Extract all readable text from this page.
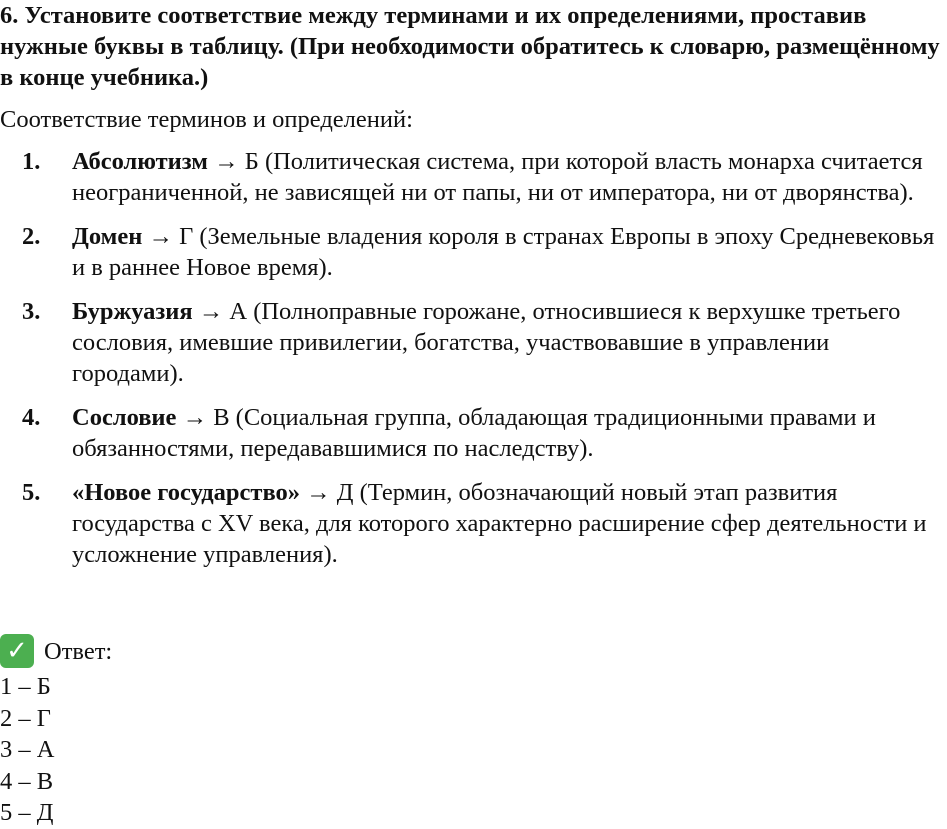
6. Установите соответствие между терминами и их определениями, проставив нужные буквы в таблицу. (При необходимости обратитесь к словарю, размещённому в конце учебника.)
Соответствие терминов и определений:
1. Абсолютизм → Б (Политическая система, при которой власть монарха считается неограниченной, не зависящей ни от папы, ни от императора, ни от дворянства).
2. Домен → Г (Земельные владения короля в странах Европы в эпоху Средневековья и в раннее Новое время).
3. Буржуазия → А (Полноправные горожане, относившиеся к верхушке третьего сословия, имевшие привилегии, богатства, участвовавшие в управлении городами).
4. Сословие → В (Социальная группа, обладающая традиционными правами и обязанностями, передававшимися по наследству).
5. «Новое государство» → Д (Термин, обозначающий новый этап развития государства с XV века, для которого характерно расширение сфер деятельности и усложнение управления).
✓ Ответ:
1 – Б
2 – Г
3 – А
4 – В
5 – Д
